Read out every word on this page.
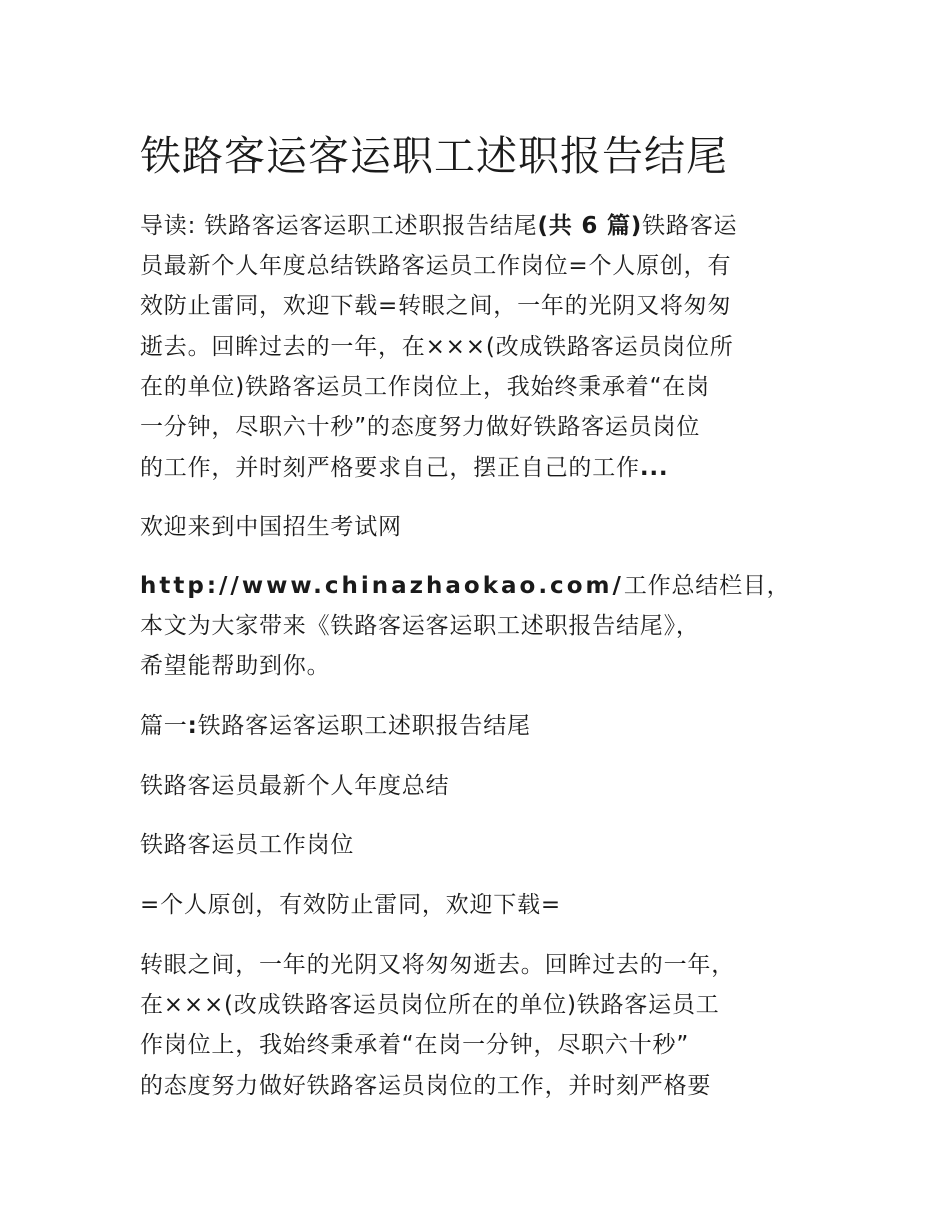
铁路客运客运职工述职报告结尾

导读: 铁路客运客运职工述职报告结尾(共 6 篇)铁路客运

员最新个人年度总结铁路客运员工作岗位=个人原创，有

效防止雷同，欢迎下载=转眼之间，一年的光阴又将匆匆

逝去。回眸过去的一年，在×××(改成铁路客运员岗位所

在的单位)铁路客运员工作岗位上，我始终秉承着“在岗

一分钟，尽职六十秒”的态度努力做好铁路客运员岗位

的工作，并时刻严格要求自己，摆正自己的工作...

欢迎来到中国招生考试网

http://www.chinazhaokao.com/工作总结栏目，

本文为大家带来《铁路客运客运职工述职报告结尾》，

希望能帮助到你。

篇一:铁路客运客运职工述职报告结尾

铁路客运员最新个人年度总结

铁路客运员工作岗位

=个人原创，有效防止雷同，欢迎下载=

转眼之间，一年的光阴又将匆匆逝去。回眸过去的一年，

在×××(改成铁路客运员岗位所在的单位)铁路客运员工

作岗位上，我始终秉承着“在岗一分钟，尽职六十秒”

的态度努力做好铁路客运员岗位的工作，并时刻严格要
